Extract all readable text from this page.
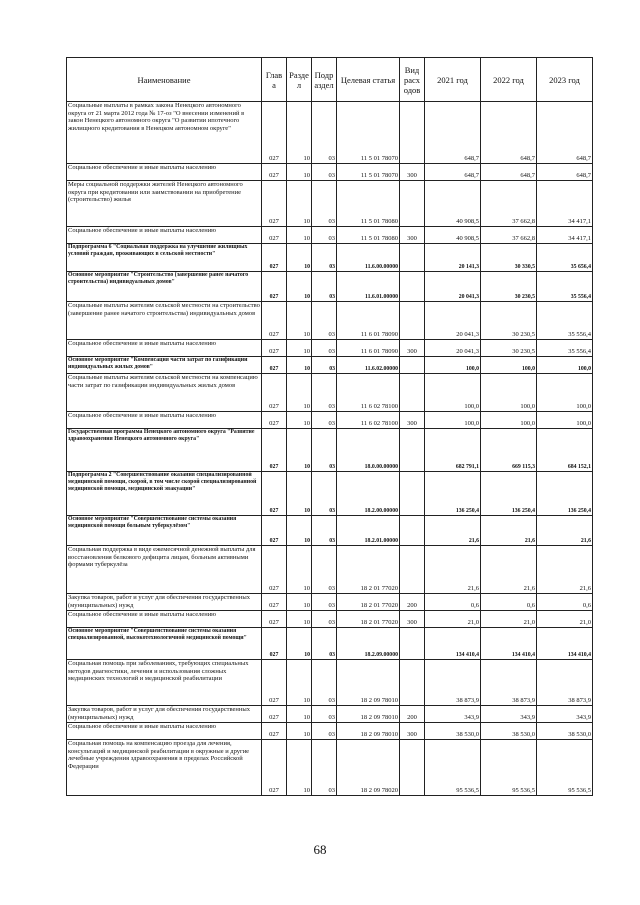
Наименование	Глав а	Разде л	Подр аздел	Целевая статья	Вид расх одов	2021 год	2022 год	2023 год
Социальные выплаты в рамках закона Ненецкого автономного округа от 21 марта 2012 года № 17-оз "О внесении изменений в закон Ненецкого автономного округа "О развитии ипотечного жилищного кредитования в Ненецком автономном округе"	027	10	03	11 5 01 78070		648,7	648,7	648,7
Социальное обеспечение и иные выплаты населению	027	10	03	11 5 01 78070	300	648,7	648,7	648,7
Меры социальной поддержки жителей Ненецкого автономного округа при кредитовании или заимствовании на приобретение (строительство) жилья	027	10	03	11 5 01 78080		40 908,5	37 662,8	34 417,1
Социальное обеспечение и иные выплаты населению	027	10	03	11 5 01 78080	300	40 908,5	37 662,8	34 417,1
Подпрограмма 6 "Социальная поддержка на улучшение жилищных условий граждан, проживающих в сельской местности"	027	10	03	11.6.00.00000		20 141,3	30 330,5	35 656,4
Основное мероприятие "Строительство (завершение ранее начатого строительства) индивидуальных домов"	027	10	03	11.6.01.00000		20 041,3	30 230,5	35 556,4
Социальные выплаты жителям сельской местности на строительство (завершение ранее начатого строительства) индивидуальных домов	027	10	03	11 6 01 78090		20 041,3	30 230,5	35 556,4
Социальное обеспечение и иные выплаты населению	027	10	03	11 6 01 78090	300	20 041,3	30 230,5	35 556,4
Основное мероприятие "Компенсация части затрат по газификации индивидуальных жилых домов"	027	10	03	11.6.02.00000		100,0	100,0	100,0
Социальные выплаты жителям сельской местности на компенсацию части затрат по газификации индивидуальных жилых домов	027	10	03	11 6 02 78100		100,0	100,0	100,0
Социальное обеспечение и иные выплаты населению	027	10	03	11 6 02 78100	300	100,0	100,0	100,0
Государственная программа Ненецкого автономного округа "Развитие здравоохранения Ненецкого автономного округа"	027	10	03	18.0.00.00000		682 791,1	669 115,3	684 152,1
Подпрограмма 2 "Совершенствование оказания специализированной медицинской помощи, скорой, в том числе скорой специализированной медицинской помощи, медицинской эвакуации"	027	10	03	18.2.00.00000		136 250,4	136 250,4	136 250,4
Основное мероприятие "Совершенствование системы оказания медицинской помощи больным туберкулёзом"	027	10	03	18.2.01.00000		21,6	21,6	21,6
Социальная поддержка в виде ежемесячной денежной выплаты для восстановления белкового дефицита лицам, больным активными формами туберкулёза	027	10	03	18 2 01 77020		21,6	21,6	21,6
Закупка товаров, работ и услуг для обеспечения государственных (муниципальных) нужд	027	10	03	18 2 01 77020	200	0,6	0,6	0,6
Социальное обеспечение и иные выплаты населению	027	10	03	18 2 01 77020	300	21,0	21,0	21,0
Основное мероприятие "Совершенствование системы оказания специализированной, высокотехнологичной медицинской помощи"	027	10	03	18.2.09.00000		134 410,4	134 410,4	134 410,4
Социальная помощь при заболеваниях, требующих специальных методов диагностики, лечения и использования сложных медицинских технологий и медицинской реабилитации	027	10	03	18 2 09 78010		38 873,9	38 873,9	38 873,9
Закупка товаров, работ и услуг для обеспечения государственных (муниципальных) нужд	027	10	03	18 2 09 78010	200	343,9	343,9	343,9
Социальное обеспечение и иные выплаты населению	027	10	03	18 2 09 78010	300	38 530,0	38 530,0	38 530,0
Социальная помощь на компенсацию проезда для лечения, консультаций и медицинской реабилитации в окружные и другие лечебные учреждения здравоохранения в пределах Российской Федерации	027	10	03	18 2 09 78020		95 536,5	95 536,5	95 536,5
68
